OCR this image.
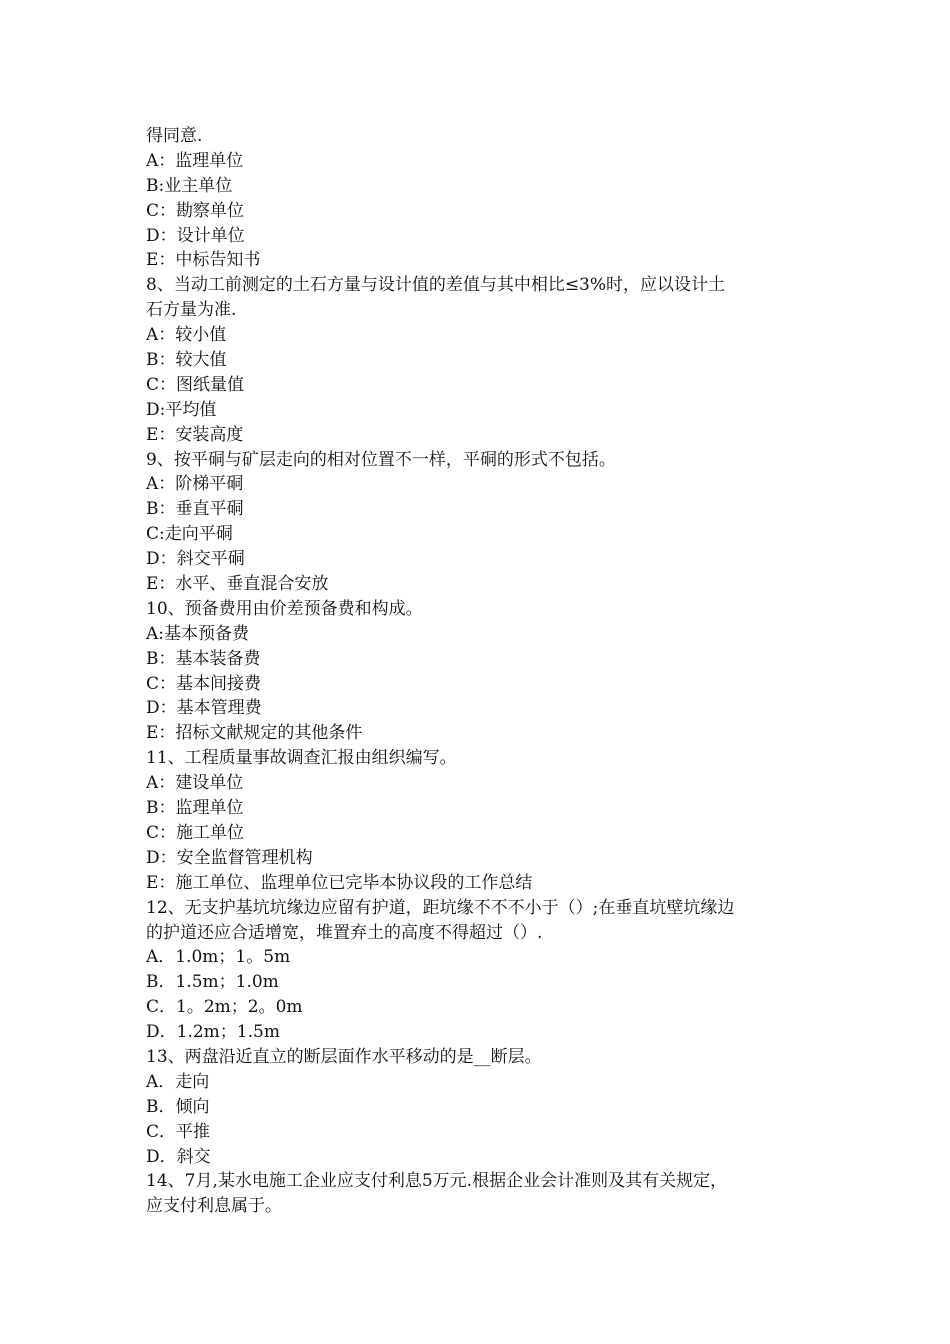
得同意.
A：监理单位
B:业主单位
C：勘察单位
D：设计单位
E：中标告知书
8、当动工前测定的土石方量与设计值的差值与其中相比≤3%时，应以设计土
石方量为准.
A：较小值
B：较大值
C：图纸量值
D:平均值
E：安装高度
9、按平硐与矿层走向的相对位置不一样，平硐的形式不包括。
A：阶梯平硐
B：垂直平硐
C:走向平硐
D：斜交平硐
E：水平、垂直混合安放
10、预备费用由价差预备费和构成。
A:基本预备费
B：基本装备费
C：基本间接费
D：基本管理费
E：招标文献规定的其他条件
11、工程质量事故调查汇报由组织编写。
A：建设单位
B：监理单位
C：施工单位
D：安全监督管理机构
E：施工单位、监理单位已完毕本协议段的工作总结
12、无支护基坑坑缘边应留有护道，距坑缘不不不小于（）;在垂直坑壁坑缘边
的护道还应合适增宽，堆置弃土的高度不得超过（）.
A．1.0m；1。5m
B．1.5m；1.0m
C．1。2m；2。0m
D．1.2m；1.5m
13、两盘沿近直立的断层面作水平移动的是__断层。
A．走向
B．倾向
C．平推
D．斜交
14、7月,某水电施工企业应支付利息5万元.根据企业会计准则及其有关规定，
应支付利息属于。
